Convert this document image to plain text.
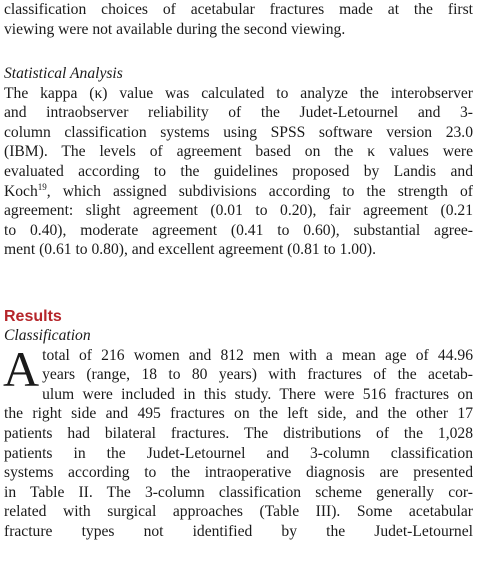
classification choices of acetabular fractures made at the first
viewing were not available during the second viewing.

Statistical Analysis

The kappa (κ) value was calculated to analyze the interobserver
and intraobserver reliability of the Judet-Letournel and 3-
column classification systems using SPSS software version 23.0
(IBM). The levels of agreement based on the κ values were
evaluated according to the guidelines proposed by Landis and
Koch$^{19}$, which assigned subdivisions according to the strength of
agreement: slight agreement (0.01 to 0.20), fair agreement (0.21
to 0.40), moderate agreement (0.41 to 0.60), substantial agree-
ment (0.61 to 0.80), and excellent agreement (0.81 to 1.00).

Results

Classification

A total of 216 women and 812 men with a mean age of 44.96
years (range, 18 to 80 years) with fractures of the acetab-
ulum were included in this study. There were 516 fractures on
the right side and 495 fractures on the left side, and the other 17
patients had bilateral fractures. The distributions of the 1,028
patients in the Judet-Letournel and 3-column classification
systems according to the intraoperative diagnosis are presented
in Table II. The 3-column classification scheme generally cor-
related with surgical approaches (Table III). Some acetabular
fracture types not identified by the Judet-Letournel
